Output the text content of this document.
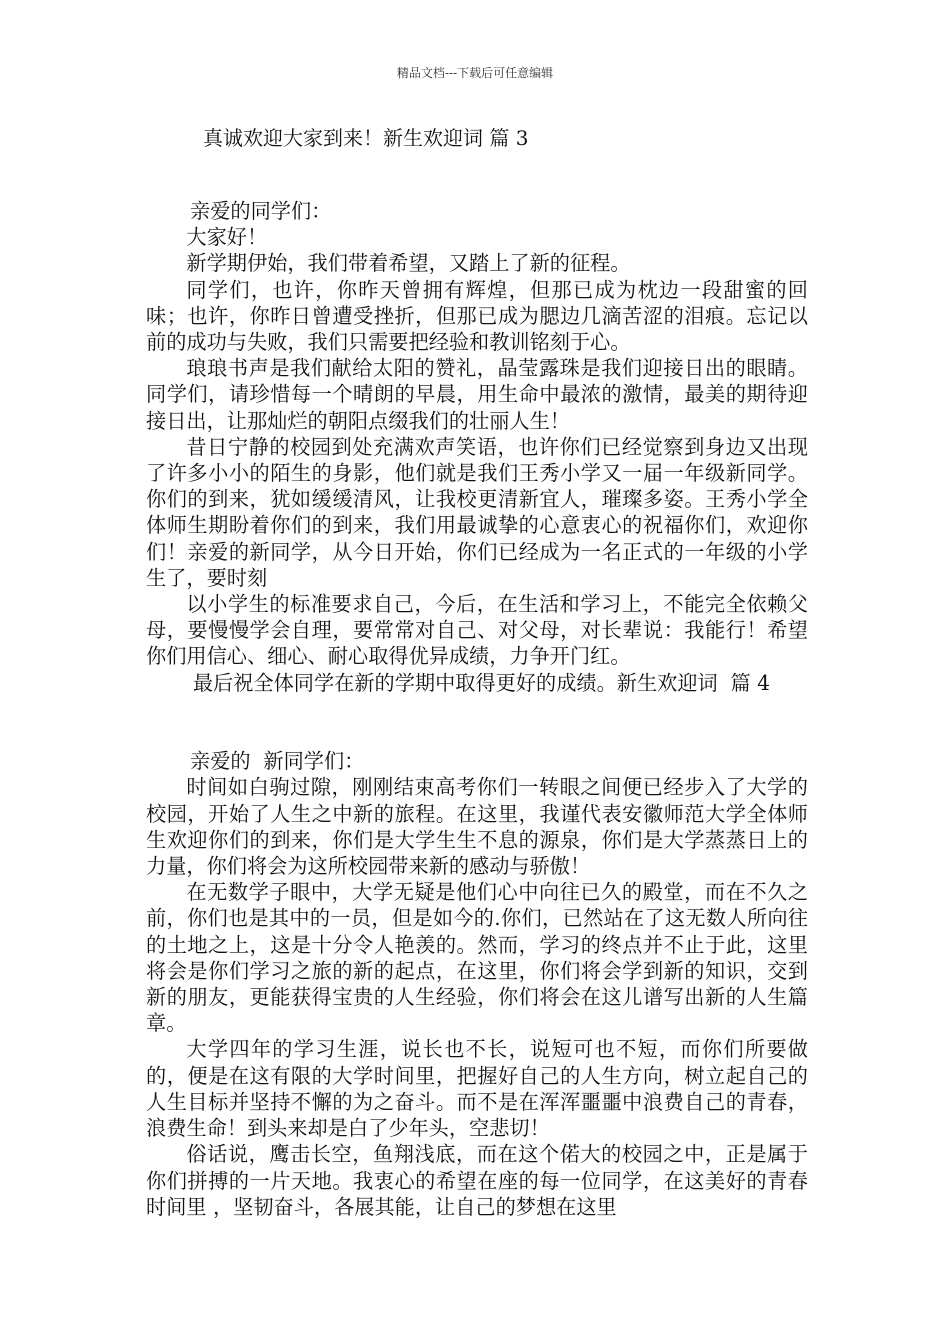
精品文档---下载后可任意编辑
真诚欢迎大家到来！新生欢迎词 篇 3

亲爱的同学们：

大家好！

新学期伊始，我们带着希望，又踏上了新的征程。

同学们，也许，你昨天曾拥有辉煌，但那已成为枕边一段甜蜜的回味；也许，你昨日曾遭受挫折，但那已成为腮边几滴苦涩的泪痕。忘记以前的成功与失败，我们只需要把经验和教训铭刻于心。

琅琅书声是我们献给太阳的赞礼，晶莹露珠是我们迎接日出的眼睛。同学们，请珍惜每一个晴朗的早晨，用生命中最浓的激情，最美的期待迎接日出，让那灿烂的朝阳点缀我们的壮丽人生！

昔日宁静的校园到处充满欢声笑语，也许你们已经觉察到身边又出现了许多小小的陌生的身影，他们就是我们王秀小学又一届一年级新同学。你们的到来，犹如缓缓清风，让我校更清新宜人，璀璨多姿。王秀小学全体师生期盼着你们的到来，我们用最诚挚的心意衷心的祝福你们，欢迎你们！亲爱的新同学，从今日开始，你们已经成为一名正式的一年级的小学生了，要时刻

以小学生的标准要求自己，今后，在生活和学习上，不能完全依赖父母，要慢慢学会自理，要常常对自己、对父母，对长辈说：我能行！希望你们用信心、细心、耐心取得优异成绩，力争开门红。

最后祝全体同学在新的学期中取得更好的成绩。新生欢迎词  篇 4

亲爱的  新同学们：

时间如白驹过隙，刚刚结束高考你们一转眼之间便已经步入了大学的校园，开始了人生之中新的旅程。在这里，我谨代表安徽师范大学全体师生欢迎你们的到来，你们是大学生生不息的源泉，你们是大学蒸蒸日上的力量，你们将会为这所校园带来新的感动与骄傲！

在无数学子眼中，大学无疑是他们心中向往已久的殿堂，而在不久之前，你们也是其中的一员，但是如今的.你们，已然站在了这无数人所向往的土地之上，这是十分令人艳羡的。然而，学习的终点并不止于此，这里将会是你们学习之旅的新的起点，在这里，你们将会学到新的知识，交到新的朋友，更能获得宝贵的人生经验，你们将会在这儿谱写出新的人生篇章。

大学四年的学习生涯，说长也不长，说短可也不短，而你们所要做的，便是在这有限的大学时间里，把握好自己的人生方向，树立起自己的人生目标并坚持不懈的为之奋斗。而不是在浑浑噩噩中浪费自己的青春，浪费生命！到头来却是白了少年头，空悲切！

俗话说，鹰击长空，鱼翔浅底，而在这个偌大的校园之中，正是属于你们拼搏的一片天地。我衷心的希望在座的每一位同学，在这美好的青春时间里 ，坚韧奋斗，各展其能，让自己的梦想在这里
